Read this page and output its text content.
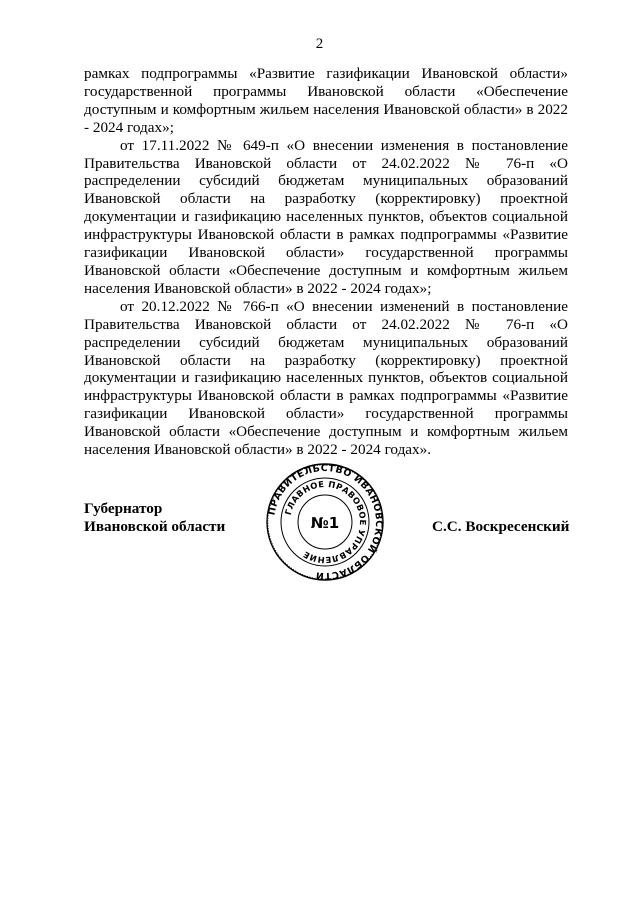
2

рамках подпрограммы «Развитие газификации Ивановской области» государственной программы Ивановской области «Обеспечение доступным и комфортным жильем населения Ивановской области» в 2022 - 2024 годах»;

от 17.11.2022 № 649-п «О внесении изменения в постановление Правительства Ивановской области от 24.02.2022 № 76-п «О распределении субсидий бюджетам муниципальных образований Ивановской области на разработку (корректировку) проектной документации и газификацию населенных пунктов, объектов социальной инфраструктуры Ивановской области в рамках подпрограммы «Развитие газификации Ивановской области» государственной программы Ивановской области «Обеспечение доступным и комфортным жильем населения Ивановской области» в 2022 - 2024 годах»;

от 20.12.2022 № 766-п «О внесении изменений в постановление Правительства Ивановской области от 24.02.2022 № 76-п «О распределении субсидий бюджетам муниципальных образований Ивановской области на разработку (корректировку) проектной документации и газификацию населенных пунктов, объектов социальной инфраструктуры Ивановской области в рамках подпрограммы «Развитие газификации Ивановской области» государственной программы Ивановской области «Обеспечение доступным и комфортным жильем населения Ивановской области» в 2022 - 2024 годах».

Губернатор
Ивановской области
ПРАВИТЕЛЬСТВО ИВАНОВСКОЙ ОБЛАСТИ
ГЛАВНОЕ ПРАВОВОЕ УПРАВЛЕНИЕ
№1	С.С. Воскресенский
